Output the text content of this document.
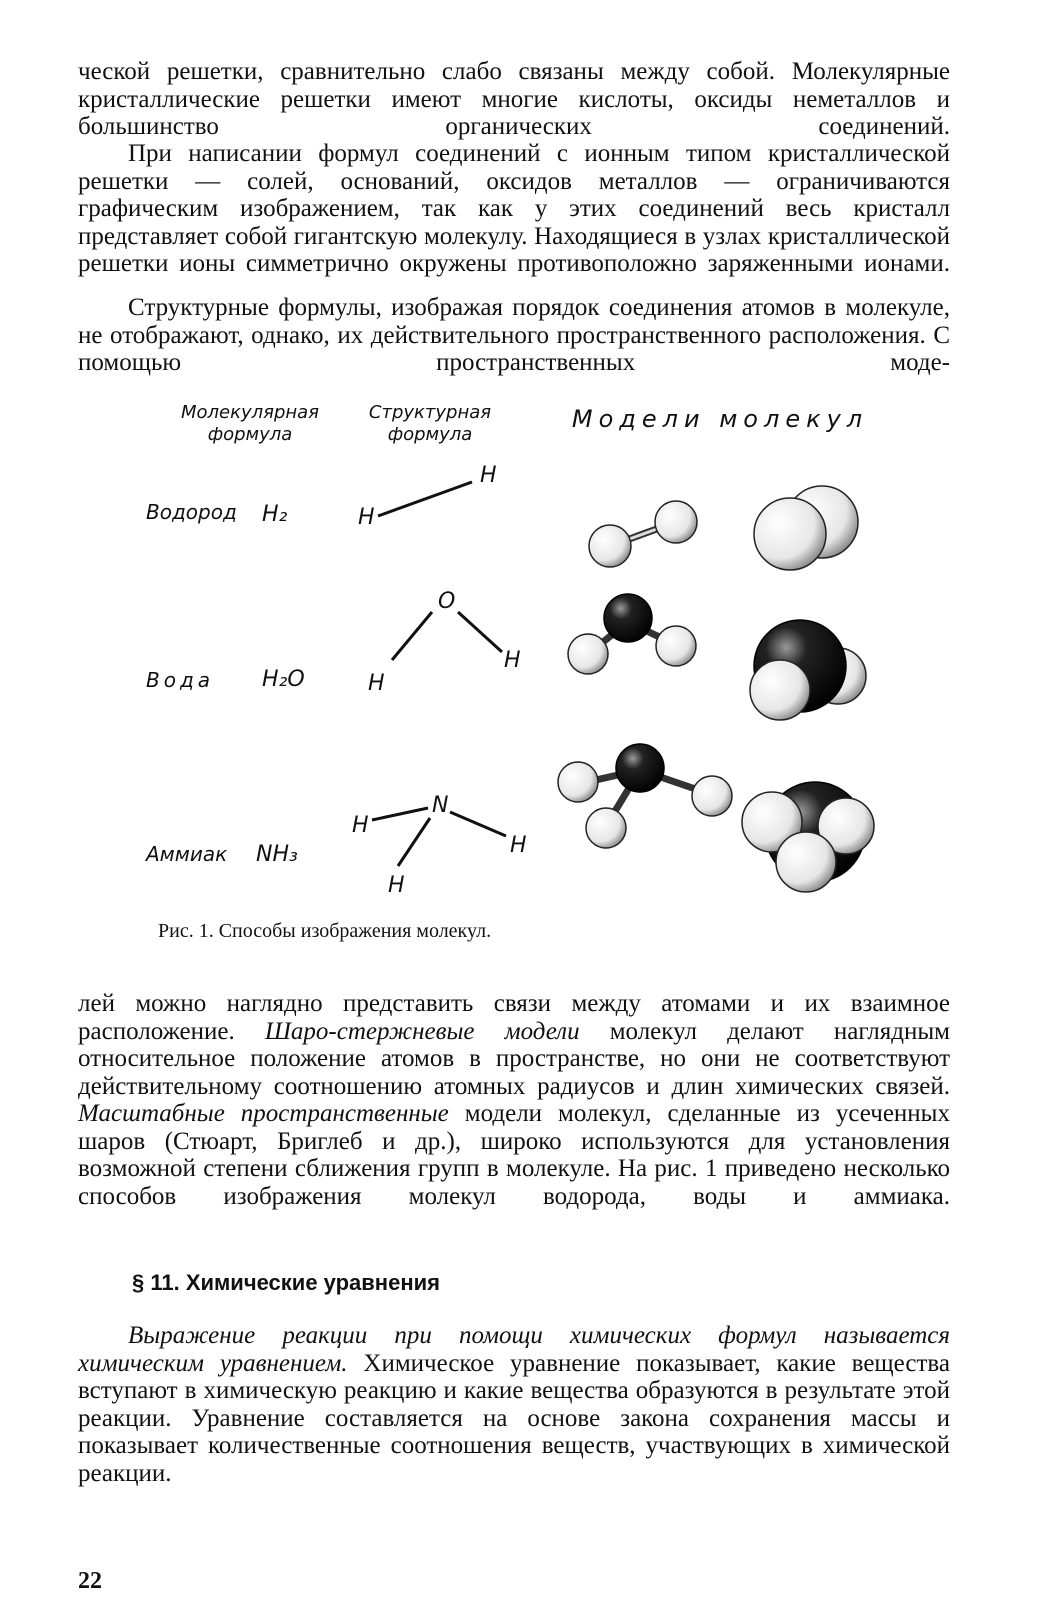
ческой решетки, сравнительно слабо связаны между собой. Молекулярные кристаллические решетки имеют многие кислоты, оксиды неметаллов и большинство органических соединений.

При написании формул соединений с ионным типом кристаллической решетки — солей, оснований, оксидов металлов — ограничиваются графическим изображением, так как у этих соединений весь кристалл представляет собой гигантскую молекулу. Находящиеся в узлах кристаллической решетки ионы симметрично окружены противоположно заряженными ионами.

Структурные формулы, изображая порядок соединения атомов в молекуле, не отображают, однако, их действительного пространственного расположения. С помощью пространственных моде-

Молекулярная формула
Структурная формула
Модели молекул
Водород H₂
Вода H₂O
Аммиак NH₃
H
H
O
H
H
N
H
H
H
Рис. 1. Способы изображения молекул.

лей можно наглядно представить связи между атомами и их взаимное расположение. Шаро-стержневые модели молекул делают наглядным относительное положение атомов в пространстве, но они не соответствуют действительному соотношению атомных радиусов и длин химических связей. Масштабные пространственные модели молекул, сделанные из усеченных шаров (Стюарт, Бриглеб и др.), широко используются для установления возможной степени сближения групп в молекуле. На рис. 1 приведено несколько способов изображения молекул водорода, воды и аммиака.

§ 11. Химические уравнения

Выражение реакции при помощи химических формул называется химическим уравнением. Химическое уравнение показывает, какие вещества вступают в химическую реакцию и какие вещества образуются в результате этой реакции. Уравнение составляется на основе закона сохранения массы и показывает количественные соотношения веществ, участвующих в химической реакции.

22
